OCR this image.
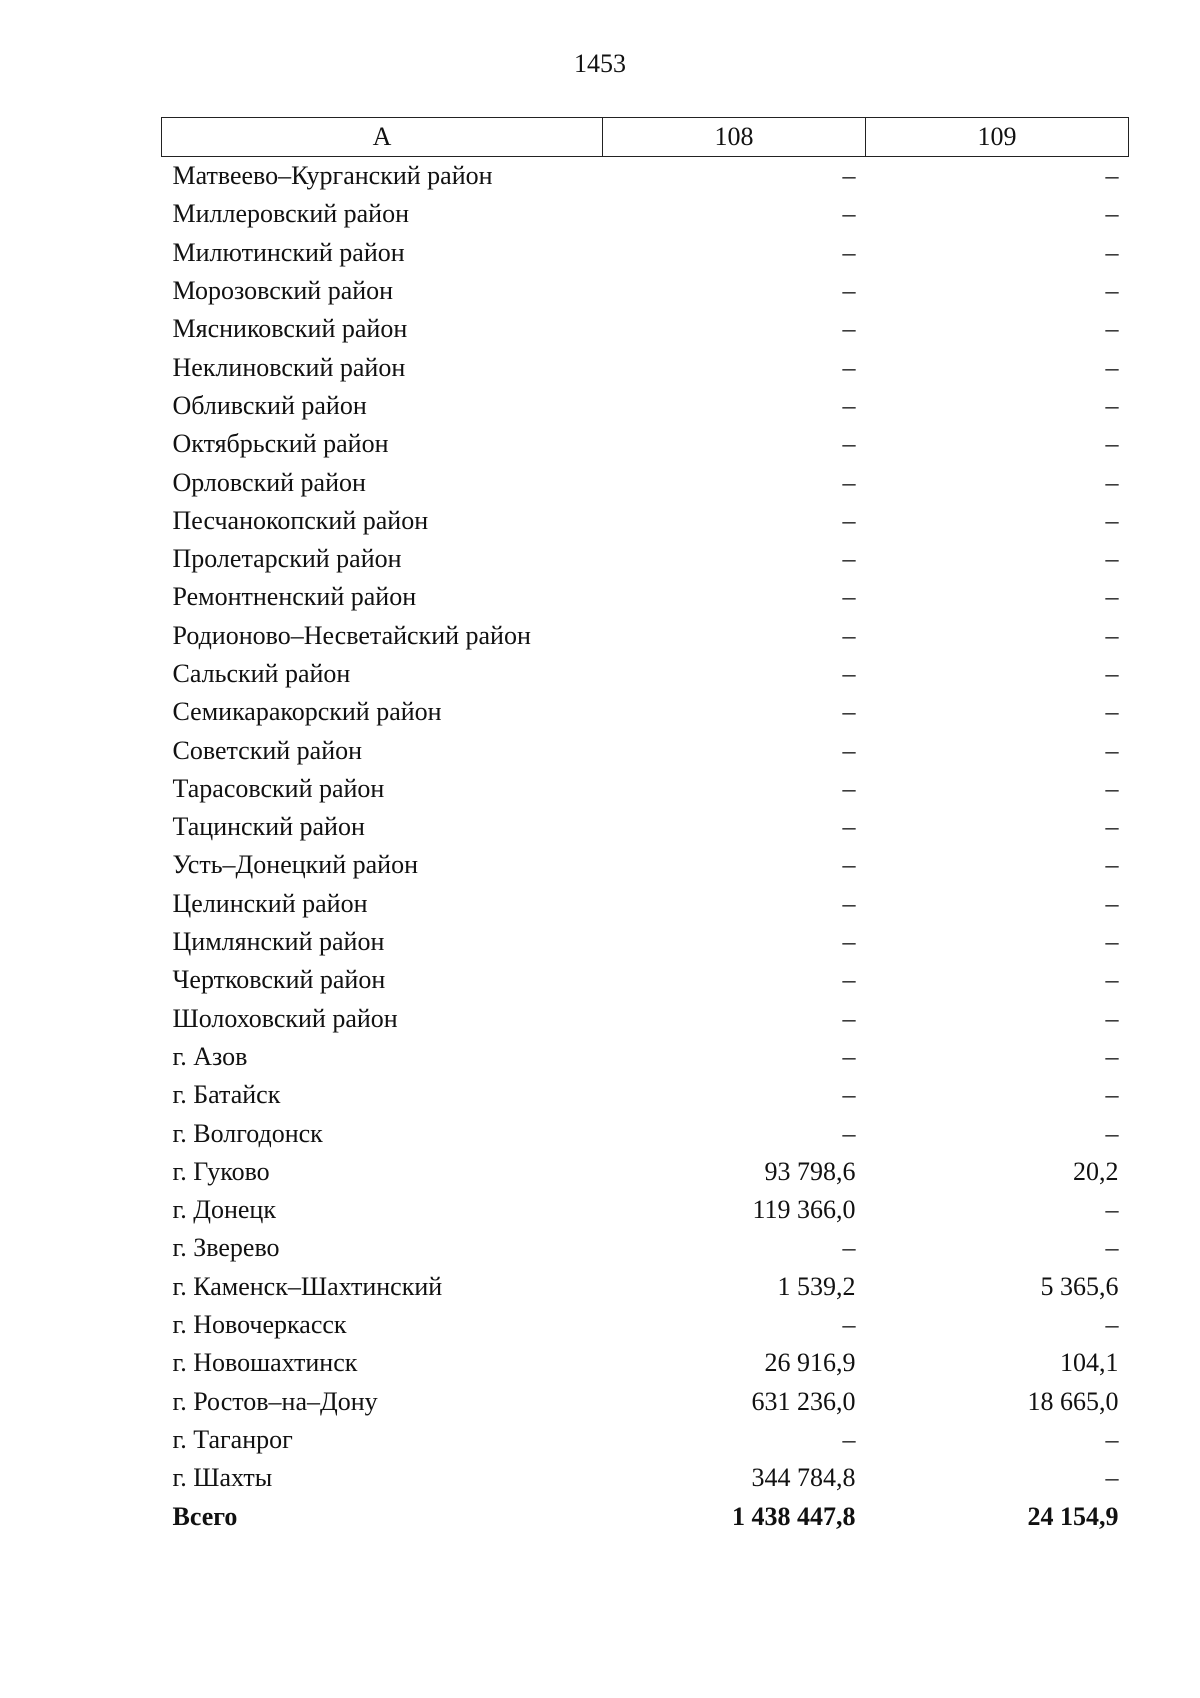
1453
А	108	109
Матвеево–Курганский район	–	–
Миллеровский район	–	–
Милютинский район	–	–
Морозовский район	–	–
Мясниковский район	–	–
Неклиновский район	–	–
Обливский район	–	–
Октябрьский район	–	–
Орловский район	–	–
Песчанокопский район	–	–
Пролетарский район	–	–
Ремонтненский район	–	–
Родионово–Несветайский район	–	–
Сальский район	–	–
Семикаракорский район	–	–
Советский район	–	–
Тарасовский район	–	–
Тацинский район	–	–
Усть–Донецкий район	–	–
Целинский район	–	–
Цимлянский район	–	–
Чертковский район	–	–
Шолоховский район	–	–
г. Азов	–	–
г. Батайск	–	–
г. Волгодонск	–	–
г. Гуково	93 798,6	20,2
г. Донецк	119 366,0	–
г. Зверево	–	–
г. Каменск–Шахтинский	1 539,2	5 365,6
г. Новочеркасск	–	–
г. Новошахтинск	26 916,9	104,1
г. Ростов–на–Дону	631 236,0	18 665,0
г. Таганрог	–	–
г. Шахты	344 784,8	–
Всего	1 438 447,8	24 154,9
